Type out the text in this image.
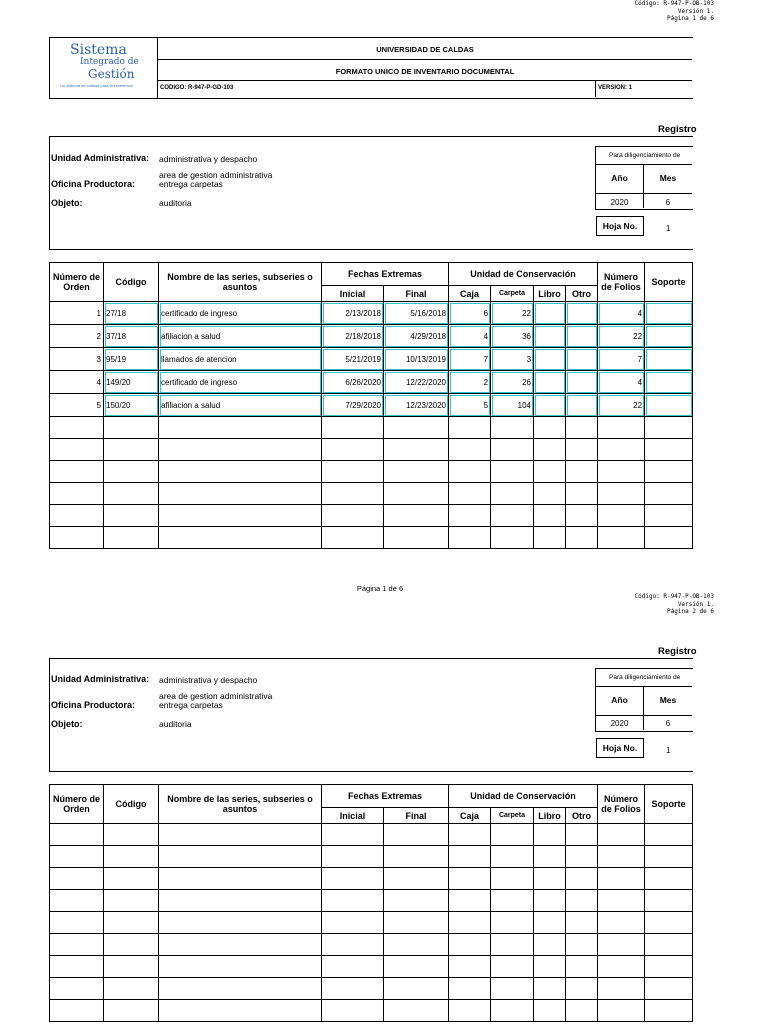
Código: R-947-P-OB-103
Versión 1.
Página 1 de 6
Sistema
Integrado de
Gestión
Un sistema de calidad para la excelencia
UNIVERSIDAD DE CALDAS
FORMATO UNICO DE INVENTARIO DOCUMENTAL
CODIGO: R-947-P-GD-103	VERSION: 1
Registro
Unidad Administrativa: administrativa y despacho
area de gestion administrativa
entrega carpetas
Oficina Productora:
Objeto:	auditoria
Para diligenciamiento de
Año	Mes
2020	6
Hoja No.	1
Número de Orden	Código	Nombre de las series, subseries o asuntos	Fechas Extremas		Unidad de Conservación				Número de Folios	Soporte
			Inicial	Final	Caja	Carpeta	Libro	Otro		
1	27/18	certificado de ingreso	2/13/2018	5/16/2018	6	22			4	
2	37/18	afiliacion a salud	2/18/2018	4/29/2018	4	36			22	
3	95/19	llamados de atencion	5/21/2019	10/13/2019	7	3			7	
4	149/20	certificado de ingreso	6/26/2020	12/22/2020	2	26			4	
5	150/20	afiliacion a salud	7/29/2020	12/23/2020	5	104			22	

Página 1 de 6
Código: R-947-P-OB-103
Versión 1.
Página 2 de 6
Registro
Unidad Administrativa: administrativa y despacho
area de gestion administrativa
entrega carpetas
Oficina Productora:
Objeto:	auditoria
Para diligenciamiento de
Año	Mes
2020	6
Hoja No.	1
Número de Orden	Código	Nombre de las series, subseries o asuntos	Fechas Extremas		Unidad de Conservación				Número de Folios	Soporte
			Inicial	Final	Caja	Carpeta	Libro	Otro		
